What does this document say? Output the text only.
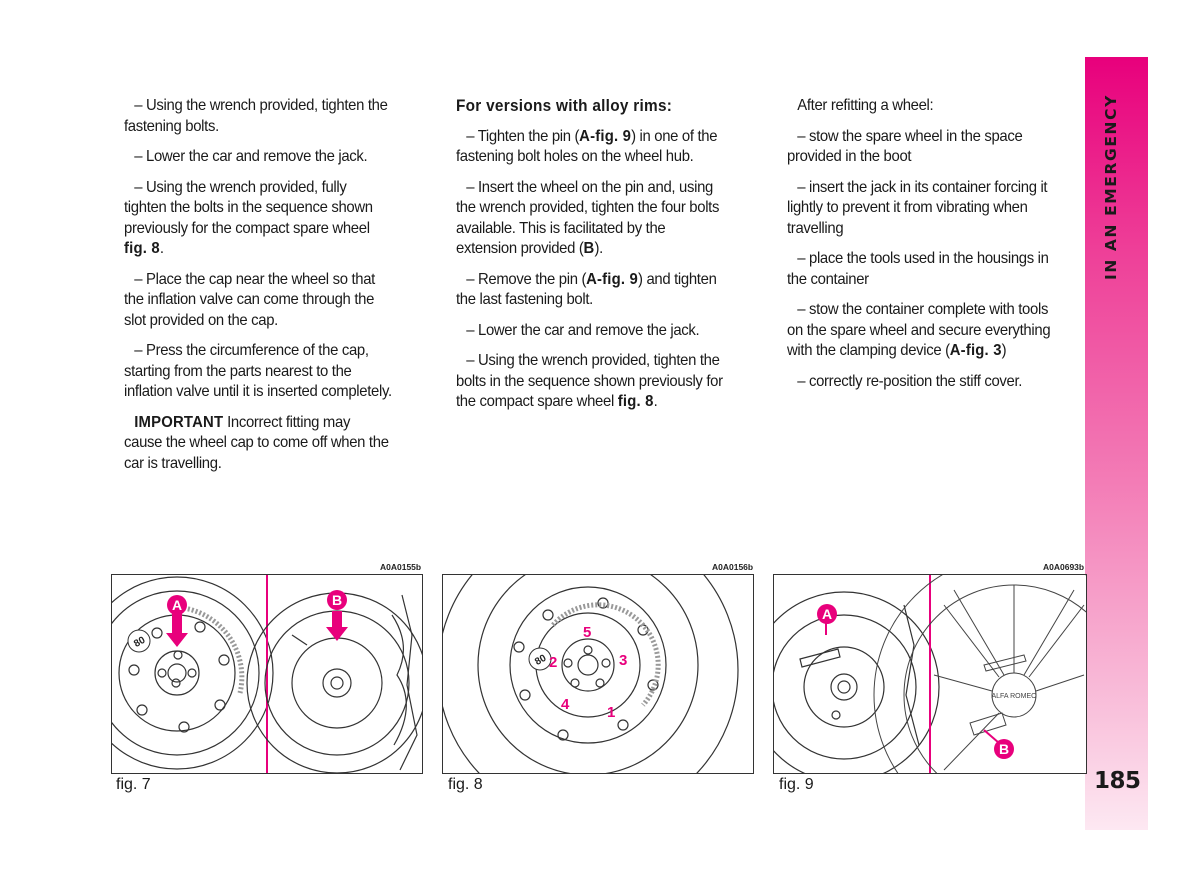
IN AN EMERGENCY
185

– Using the wrench provided, tighten the fastening bolts.

– Lower the car and remove the jack.

– Using the wrench provided, fully tighten the bolts in the sequence shown previously for the compact spare wheel fig. 8.

– Place the cap near the wheel so that the inflation valve can come through the slot provided on the cap.

– Press the circumference of the cap, starting from the parts nearest to the inflation valve until it is inserted completely.

IMPORTANT Incorrect fitting may cause the wheel cap to come off when the car is travelling.

For versions with alloy rims:

– Tighten the pin (A-fig. 9) in one of the fastening bolt holes on the wheel hub.

– Insert the wheel on the pin and, using the wrench provided, tighten the four bolts available. This is facilitated by the extension provided (B).

– Remove the pin (A-fig. 9) and tighten the last fastening bolt.

– Lower the car and remove the jack.

– Using the wrench provided, tighten the bolts in the sequence shown previously for the compact spare wheel fig. 8.

After refitting a wheel:

– stow the spare wheel in the space provided in the boot

– insert the jack in its container forcing it lightly to prevent it from vibrating when travelling

– place the tools used in the housings in the container

– stow the container complete with tools on the spare wheel and secure everything with the clamping device (A-fig. 3)

– correctly re-position the stiff cover.

A0A0155b	A0A0156b	A0A0693b
80
A	B
fig. 7
80
1
2	3
4
5
fig. 8
ALFA ROMEO
A
B
fig. 9
